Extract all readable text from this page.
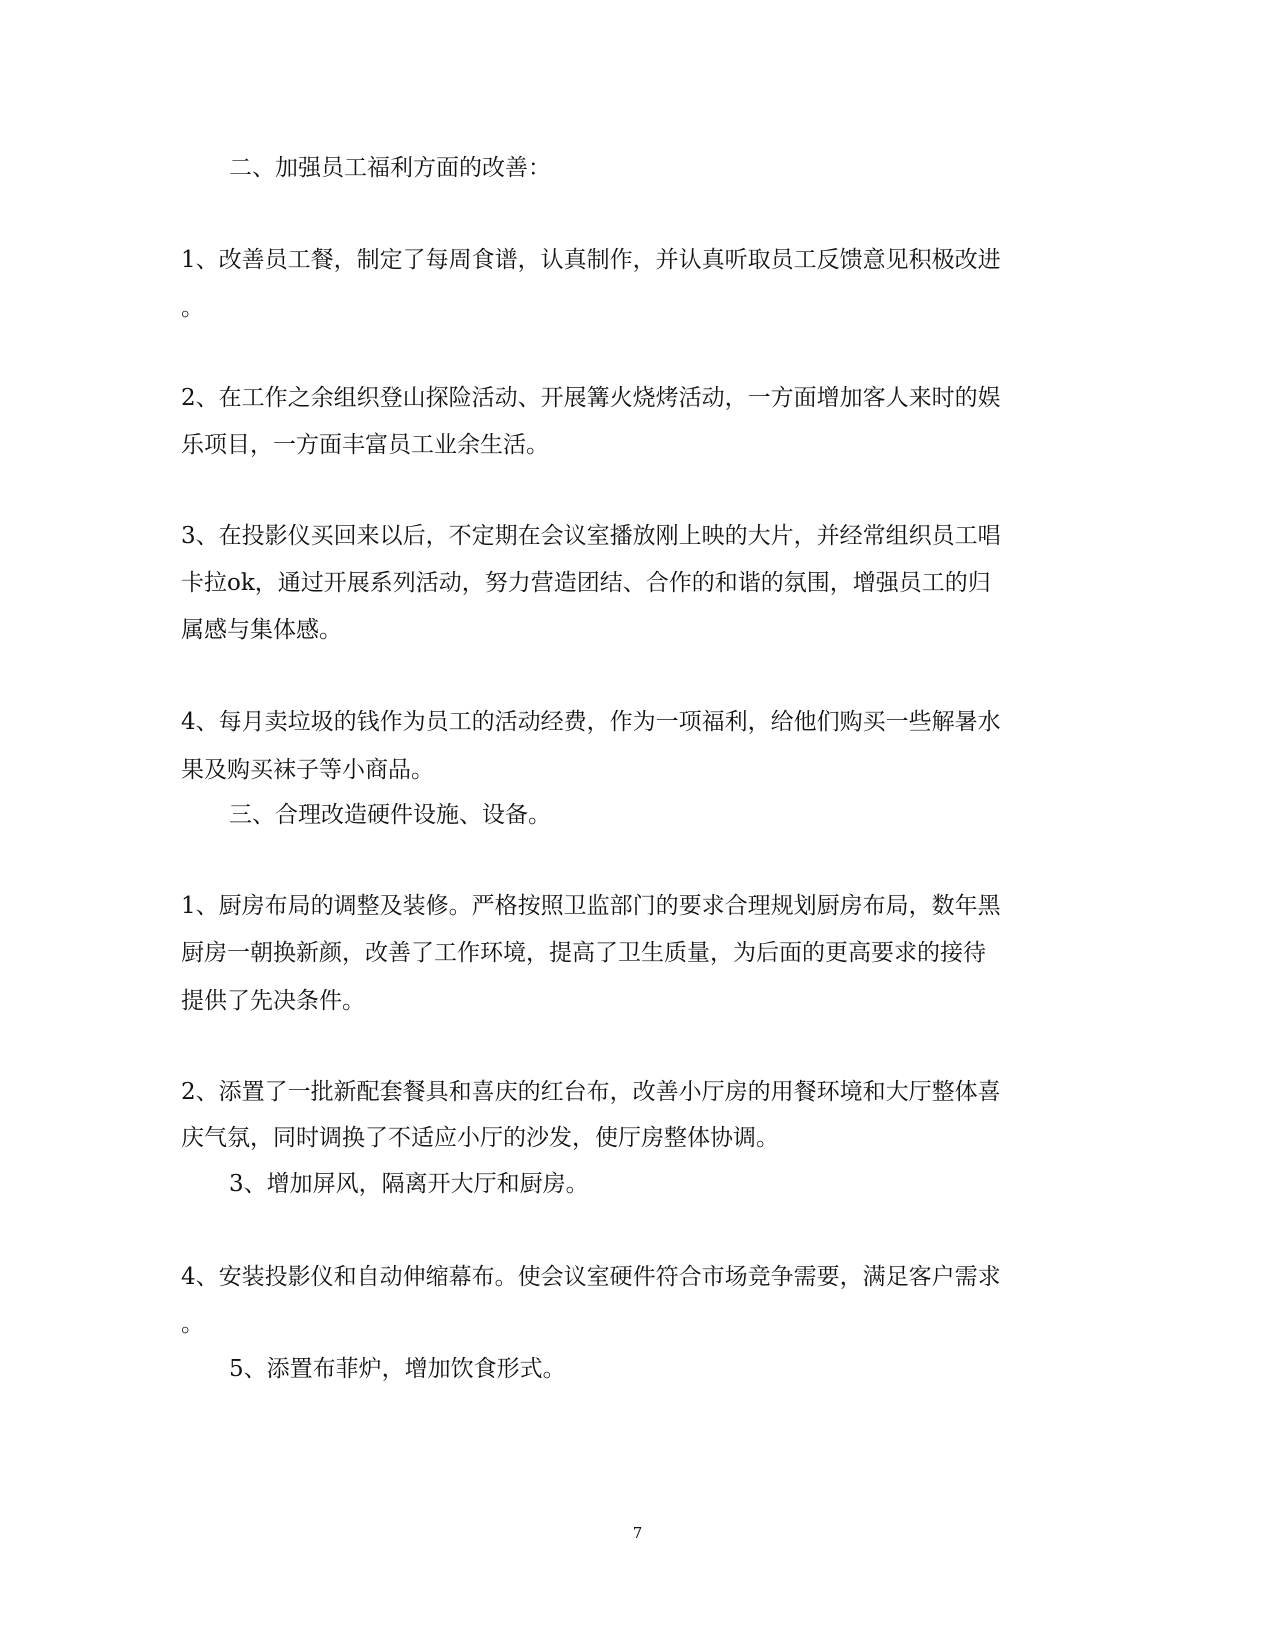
二、加强员工福利方面的改善：

1、改善员工餐，制定了每周食谱，认真制作，并认真听取员工反馈意见积极改进

。

2、在工作之余组织登山探险活动、开展篝火烧烤活动，一方面增加客人来时的娱

乐项目，一方面丰富员工业余生活。

3、在投影仪买回来以后，不定期在会议室播放刚上映的大片，并经常组织员工唱

卡拉ok，通过开展系列活动，努力营造团结、合作的和谐的氛围，增强员工的归

属感与集体感。

4、每月卖垃圾的钱作为员工的活动经费，作为一项福利，给他们购买一些解暑水

果及购买袜子等小商品。

三、合理改造硬件设施、设备。

1、厨房布局的调整及装修。严格按照卫监部门的要求合理规划厨房布局，数年黑

厨房一朝换新颜，改善了工作环境，提高了卫生质量，为后面的更高要求的接待

提供了先决条件。

2、添置了一批新配套餐具和喜庆的红台布，改善小厅房的用餐环境和大厅整体喜

庆气氛，同时调换了不适应小厅的沙发，使厅房整体协调。

3、增加屏风，隔离开大厅和厨房。

4、安装投影仪和自动伸缩幕布。使会议室硬件符合市场竞争需要，满足客户需求

。

5、添置布菲炉，增加饮食形式。

7
